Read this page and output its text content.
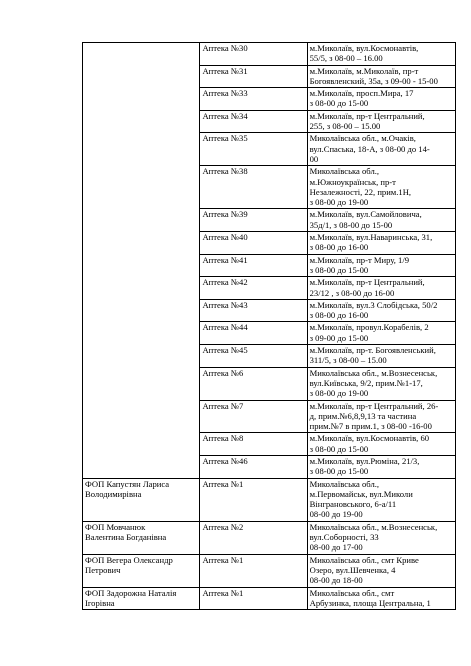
	Аптека №30	м.Миколаїв, вул.Космонавтів,
55/5, з 08-00 – 16.00

	Аптека №31	м.Миколаїв, м.Миколаїв, пр-т
Богоявленский, 35а, з 09-00 - 15-00

	Аптека №33	м.Миколаїв, просп.Мира, 17
з 08-00 до 15-00

	Аптека №34	м.Миколаїв, пр-т Центральний,
255, з 08-00 – 15.00

	Аптека №35	Миколаївська обл., м.Очаків,
вул.Спаська, 18-А, з 08-00 до 14-
00

	Аптека №38	Миколаївська обл.,
м.Южноукраїнськ, пр-т
Незалежності, 22, прим.1Н,
з 08-00 до 19-00

	Аптека №39	м.Миколаїв, вул.Самойловича,
35д/1, з 08-00 до 15-00

	Аптека №40	м.Миколаїв, вул.Наваринська, 31,
з 08-00 до 16-00

	Аптека №41	м.Миколаїв, пр-т Миру, 1/9
з 08-00 до 15-00

	Аптека №42	м.Миколаїв, пр-т Центральний,
23/12 , з 08-00 до 16-00

	Аптека №43	м.Миколаїв, вул.3 Слобідська, 50/2
з 08-00 до 16-00

	Аптека №44	м.Миколаїв, провул.Корабелів, 2
з 09-00 до 15-00

	Аптека №45	м.Миколаїв, пр-т. Богоявленський,
311/5, з 08-00 – 15.00

	Аптека №6	Миколаївська обл., м.Вознесенськ,
вул.Київська, 9/2, прим.№1-17,
з 08-00 до 19-00

	Аптека №7	м.Миколаїв, пр-т Центральний, 26-
д, прим.№6,8,9,13 та частина
прим.№7 в прим.1, з 08-00 -16-00

	Аптека №8	м.Миколаїв, вул.Космонавтів, 60
з 08-00 до 15-00

	Аптека №46	м.Миколаїв, вул.Рюміна, 21/3,
з 08-00 до 15-00

ФОП Капустян Лариса
Володимирівна	Аптека №1	Миколаївська обл.,
м.Первомайськ, вул.Миколи
Вінграновського, 6-а/11
08-00 до 19-00

ФОП Мовчанюк
Валентина Богданівна	Аптека №2	Миколаївська обл., м.Вознесенськ,
вул.Соборності, 33
08-00 до 17-00

ФОП Вегера Олександр
Петрович	Аптека №1	Миколаївська обл., смт Криве
Озеро, вул.Шевченка, 4
08-00 до 18-00

ФОП Задорожна Наталія
Ігорівна	Аптека №1	Миколаївська обл., смт
Арбузинка, площа Центральна, 1
